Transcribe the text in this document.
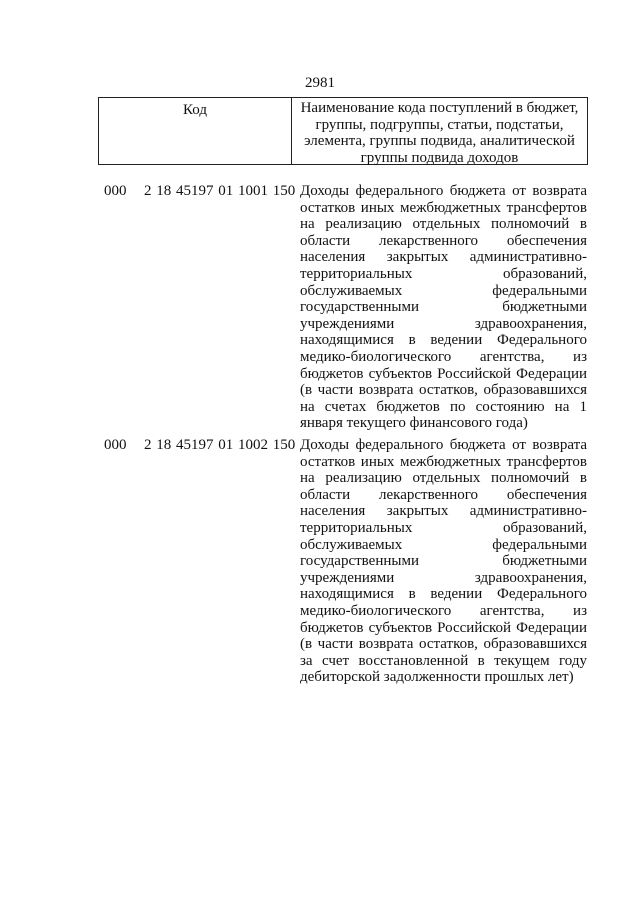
2981
Код	Наименование кода поступлений в бюджет, группы, подгруппы, статьи, подстатьи, элемента, группы подвида, аналитической группы подвида доходов
000 2 18 45197 01 1001 150 Доходы федерального бюджета от возврата остатков иных межбюджетных трансфертов на реализацию отдельных полномочий в области лекарственного обеспечения населения закрытых административно-территориальных образований, обслуживаемых федеральными государственными бюджетными учреждениями здравоохранения, находящимися в ведении Федерального медико-биологического агентства, из бюджетов субъектов Российской Федерации (в части возврата остатков, образовавшихся на счетах бюджетов по состоянию на 1 января текущего финансового года)
000 2 18 45197 01 1002 150 Доходы федерального бюджета от возврата остатков иных межбюджетных трансфертов на реализацию отдельных полномочий в области лекарственного обеспечения населения закрытых административно-территориальных образований, обслуживаемых федеральными государственными бюджетными учреждениями здравоохранения, находящимися в ведении Федерального медико-биологического агентства, из бюджетов субъектов Российской Федерации (в части возврата остатков, образовавшихся за счет восстановленной в текущем году дебиторской задолженности прошлых лет)
